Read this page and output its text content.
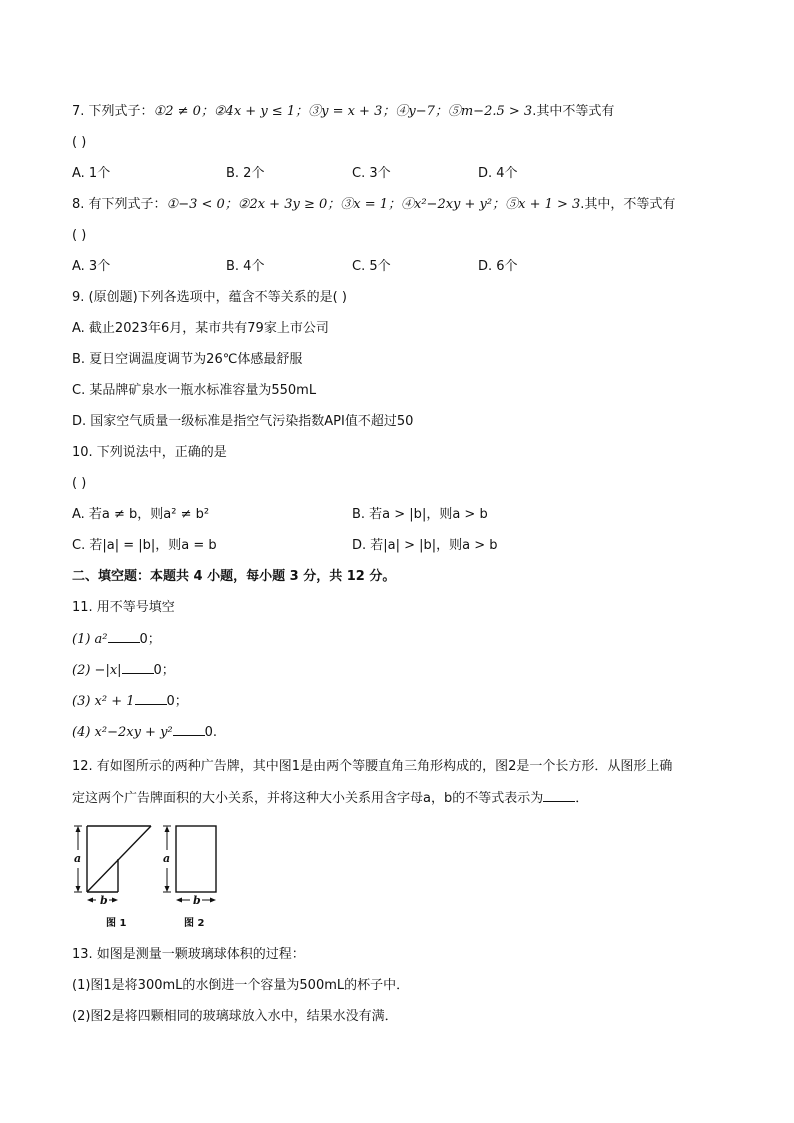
7. 下列式子：①2 ≠ 0；②4x + y ≤ 1；③y = x + 3；④y−7；⑤m−2.5 > 3.其中不等式有
( )
A. 1个	B. 2个	C. 3个	D. 4个
8. 有下列式子：①−3 < 0；②2x + 3y ≥ 0；③x = 1；④x²−2xy + y²；⑤x + 1 > 3.其中，不等式有
( )
A. 3个	B. 4个	C. 5个	D. 6个
9. (原创题)下列各选项中，蕴含不等关系的是( )
A. 截止2023年6月，某市共有79家上市公司
B. 夏日空调温度调节为26℃体感最舒服
C. 某品牌矿泉水一瓶水标准容量为550mL
D. 国家空气质量一级标准是指空气污染指数API值不超过50
10. 下列说法中，正确的是
( )
A. 若a ≠ b，则a² ≠ b²	B. 若a > |b|，则a > b
C. 若|a| = |b|，则a = b	D. 若|a| > |b|，则a > b
二、填空题：本题共 4 小题，每小题 3 分，共 12 分。
11. 用不等号填空
(1) a² 0；
(2) −|x| 0；
(3) x² + 1 0；
(4) x²−2xy + y² 0.
12. 有如图所示的两种广告牌，其中图1是由两个等腰直角三角形构成的，图2是一个长方形．从图形上确
定这两个广告牌面积的大小关系，并将这种大小关系用含字母a，b的不等式表示为 ．
a
b
a
b
图 1	图 2
13. 如图是测量一颗玻璃球体积的过程：
(1)图1是将300mL的水倒进一个容量为500mL的杯子中．
(2)图2是将四颗相同的玻璃球放入水中，结果水没有满．
